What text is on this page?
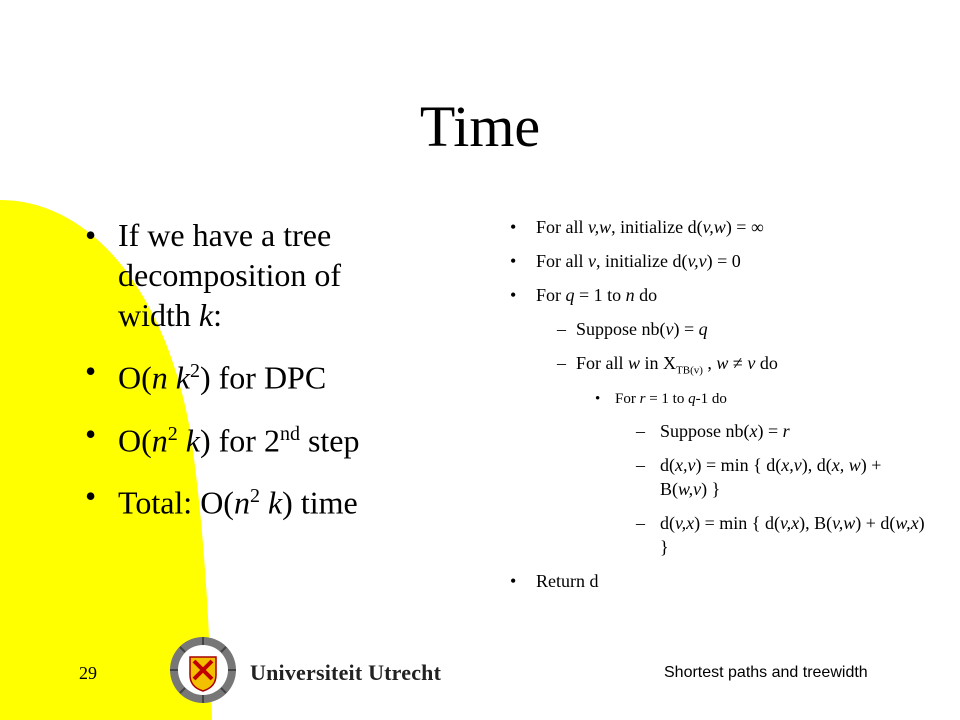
Time
• If we have a tree decomposition of width k:
• O(n $k^2$) for DPC
• $O(n^2$ k) for 2nd step
• Total: $O(n^2$ k) time
• For all v,w, initialize d(v,w) = ∞
• For all v, initialize d(v,v) = 0
• For q = 1 to n do
– Suppose nb(v) = q
– For all w in $X_{TB(v)}$ , w ≠ v do
• For r = 1 to q-1 do
– Suppose nb(x) = r
– d(x,v) = min { d(x,v), d(x, w) + B(w,v) }
– d(v,x) = min { d(v,x), B(v,w) + d(w,x) }
• Return d
29	Universiteit Utrecht	Shortest paths and treewidth
